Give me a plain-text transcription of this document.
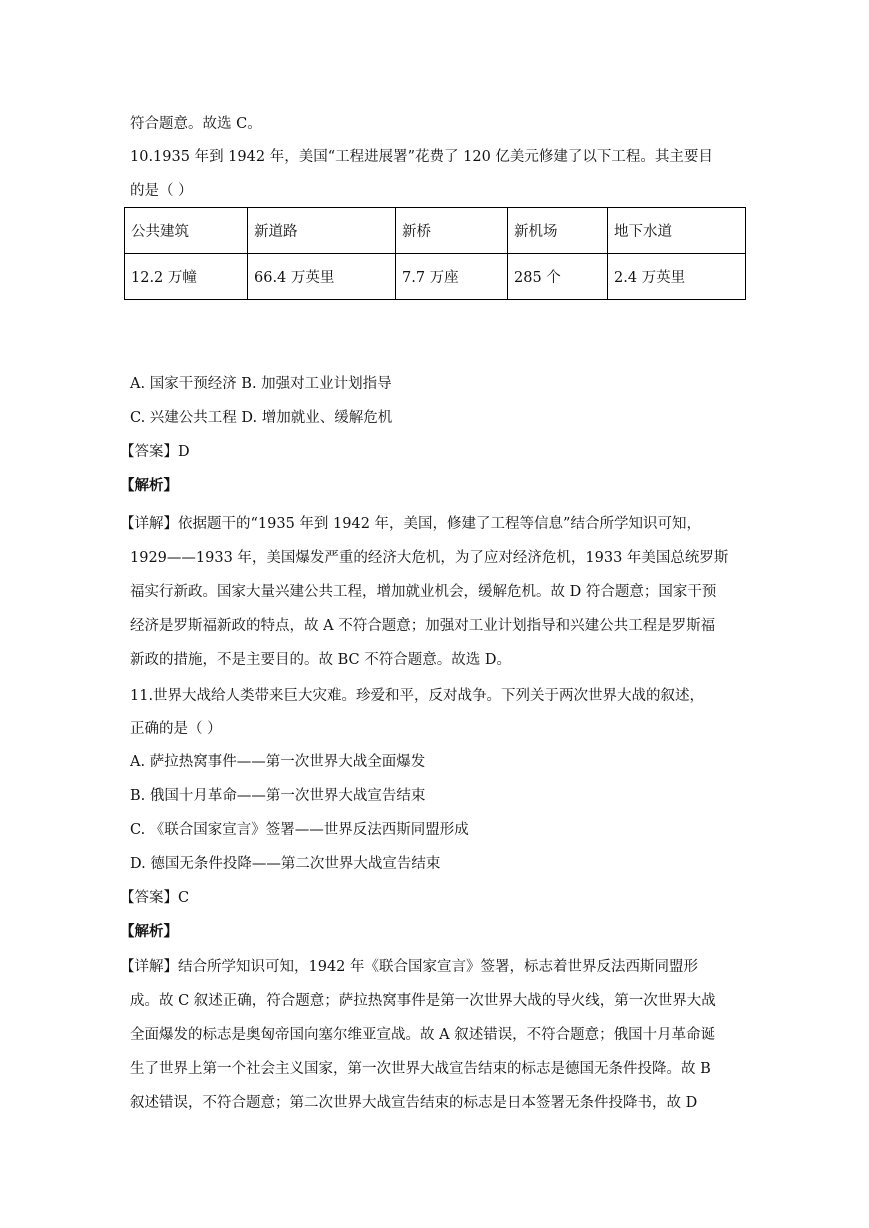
符合题意。故选 C。
10.1935 年到 1942 年，美国“工程进展署”花费了 120 亿美元修建了以下工程。其主要目
的是（ ）
公共建筑	新道路	新桥	新机场	地下水道
12.2 万幢	66.4 万英里	7.7 万座	285 个	2.4 万英里
A. 国家干预经济 B. 加强对工业计划指导
C. 兴建公共工程 D. 增加就业、缓解危机
【答案】D
【解析】
【详解】依据题干的“1935 年到 1942 年，美国，修建了工程等信息”结合所学知识可知，
1929——1933 年，美国爆发严重的经济大危机，为了应对经济危机，1933 年美国总统罗斯
福实行新政。国家大量兴建公共工程，增加就业机会，缓解危机。故 D 符合题意；国家干预
经济是罗斯福新政的特点，故 A 不符合题意；加强对工业计划指导和兴建公共工程是罗斯福
新政的措施，不是主要目的。故 BC 不符合题意。故选 D。
11.世界大战给人类带来巨大灾难。珍爱和平，反对战争。下列关于两次世界大战的叙述，
正确的是（ ）
A. 萨拉热窝事件——第一次世界大战全面爆发
B. 俄国十月革命——第一次世界大战宣告结束
C. 《联合国家宣言》签署——世界反法西斯同盟形成
D. 德国无条件投降——第二次世界大战宣告结束
【答案】C
【解析】
【详解】结合所学知识可知，1942 年《联合国家宣言》签署，标志着世界反法西斯同盟形
成。故 C 叙述正确，符合题意；萨拉热窝事件是第一次世界大战的导火线，第一次世界大战
全面爆发的标志是奥匈帝国向塞尔维亚宣战。故 A 叙述错误，不符合题意；俄国十月革命诞
生了世界上第一个社会主义国家，第一次世界大战宣告结束的标志是德国无条件投降。故 B
叙述错误，不符合题意；第二次世界大战宣告结束的标志是日本签署无条件投降书，故 D
